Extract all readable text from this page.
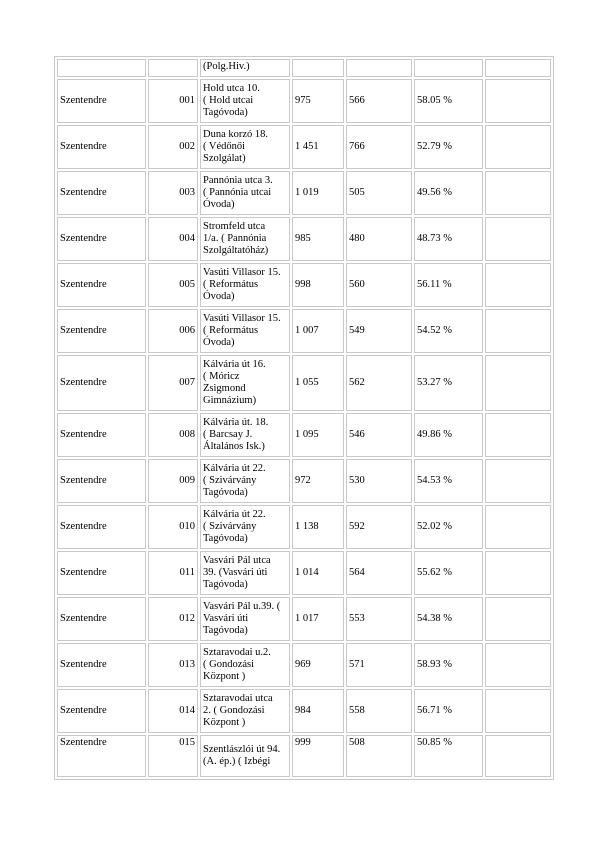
		(Polg.Hiv.)				

Szentendre	001	Hold utca 10.
( Hold utcai
Tagóvoda)	975	566	58.05 %	
Szentendre	002	Duna korzó 18.
( Védőnői
Szolgálat)	1 451	766	52.79 %	
Szentendre	003	Pannónia utca 3.
( Pannónia utcai
Óvoda)	1 019	505	49.56 %	
Szentendre	004	Stromfeld utca
1/a. ( Pannónia
Szolgáltatóház)	985	480	48.73 %	
Szentendre	005	Vasúti Villasor 15.
( Református
Óvoda)	998	560	56.11 %	
Szentendre	006	Vasúti Villasor 15.
( Református
Óvoda)	1 007	549	54.52 %	
Szentendre	007	Kálvária út 16.
( Móricz
Zsigmond
Gimnázium)	1 055	562	53.27 %	
Szentendre	008	Kálvária út. 18.
( Barcsay J.
Általános Isk.)	1 095	546	49.86 %	
Szentendre	009	Kálvária út 22.
( Szivárvány
Tagóvoda)	972	530	54.53 %	
Szentendre	010	Kálvária út 22.
( Szivárvány
Tagóvoda)	1 138	592	52.02 %	
Szentendre	011	Vasvári Pál utca
39. (Vasvári úti
Tagóvoda)	1 014	564	55.62 %	
Szentendre	012	Vasvári Pál u.39. (
Vasvári úti
Tagóvoda)	1 017	553	54.38 %	
Szentendre	013	Sztaravodai u.2.
( Gondozási
Központ )	969	571	58.93 %	
Szentendre	014	Sztaravodai utca
2. ( Gondozási
Központ )	984	558	56.71 %	
Szentendre	015	Szentlászlói út 94.
(A. ép.) ( Izbégi	999	508	50.85 %	
